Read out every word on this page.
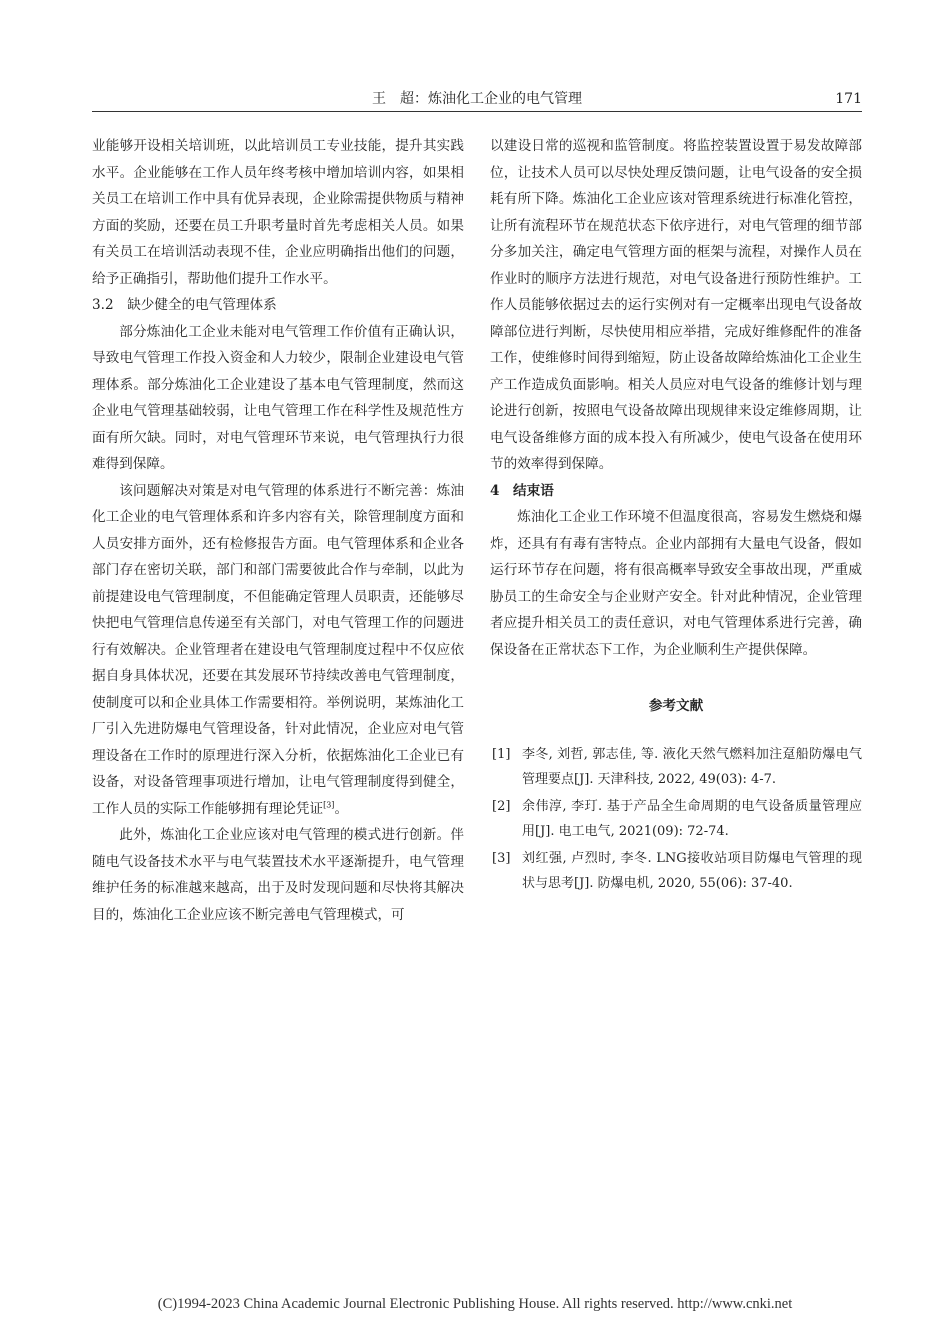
王　超：炼油化工企业的电气管理	171

业能够开设相关培训班，以此培训员工专业技能，提升其实践水平。企业能够在工作人员年终考核中增加培训内容，如果相关员工在培训工作中具有优异表现，企业除需提供物质与精神方面的奖励，还要在员工升职考量时首先考虑相关人员。如果有关员工在培训活动表现不佳，企业应明确指出他们的问题，给予正确指引，帮助他们提升工作水平。

3.2　缺少健全的电气管理体系

部分炼油化工企业未能对电气管理工作价值有正确认识，导致电气管理工作投入资金和人力较少，限制企业建设电气管理体系。部分炼油化工企业建设了基本电气管理制度，然而这企业电气管理基础较弱，让电气管理工作在科学性及规范性方面有所欠缺。同时，对电气管理环节来说，电气管理执行力很难得到保障。

该问题解决对策是对电气管理的体系进行不断完善：炼油化工企业的电气管理体系和许多内容有关，除管理制度方面和人员安排方面外，还有检修报告方面。电气管理体系和企业各部门存在密切关联，部门和部门需要彼此合作与牵制，以此为前提建设电气管理制度，不但能确定管理人员职责，还能够尽快把电气管理信息传递至有关部门，对电气管理工作的问题进行有效解决。企业管理者在建设电气管理制度过程中不仅应依据自身具体状况，还要在其发展环节持续改善电气管理制度，使制度可以和企业具体工作需要相符。举例说明，某炼油化工厂引入先进防爆电气管理设备，针对此情况，企业应对电气管理设备在工作时的原理进行深入分析，依据炼油化工企业已有设备，对设备管理事项进行增加，让电气管理制度得到健全，工作人员的实际工作能够拥有理论凭证[3]。

此外，炼油化工企业应该对电气管理的模式进行创新。伴随电气设备技术水平与电气装置技术水平逐渐提升，电气管理维护任务的标准越来越高，出于及时发现问题和尽快将其解决目的，炼油化工企业应该不断完善电气管理模式，可

以建设日常的巡视和监管制度。将监控装置设置于易发故障部位，让技术人员可以尽快处理反馈问题，让电气设备的安全损耗有所下降。炼油化工企业应该对管理系统进行标准化管控，让所有流程环节在规范状态下依序进行，对电气管理的细节部分多加关注，确定电气管理方面的框架与流程，对操作人员在作业时的顺序方法进行规范，对电气设备进行预防性维护。工作人员能够依据过去的运行实例对有一定概率出现电气设备故障部位进行判断，尽快使用相应举措，完成好维修配件的准备工作，使维修时间得到缩短，防止设备故障给炼油化工企业生产工作造成负面影响。相关人员应对电气设备的维修计划与理论进行创新，按照电气设备故障出现规律来设定维修周期，让电气设备维修方面的成本投入有所减少，使电气设备在使用环节的效率得到保障。

4　结束语

炼油化工企业工作环境不但温度很高，容易发生燃烧和爆炸，还具有有毒有害特点。企业内部拥有大量电气设备，假如运行环节存在问题，将有很高概率导致安全事故出现，严重威胁员工的生命安全与企业财产安全。针对此种情况，企业管理者应提升相关员工的责任意识，对电气管理体系进行完善，确保设备在正常状态下工作，为企业顺利生产提供保障。

参考文献
[1] 李冬, 刘哲, 郭志佳, 等. 液化天然气燃料加注趸船防爆电气管理要点[J]. 天津科技, 2022, 49(03): 4-7.
[2] 余伟淳, 李玎. 基于产品全生命周期的电气设备质量管理应用[J]. 电工电气, 2021(09): 72-74.
[3] 刘红强, 卢烈时, 李冬. LNG接收站项目防爆电气管理的现状与思考[J]. 防爆电机, 2020, 55(06): 37-40.
(C)1994-2023 China Academic Journal Electronic Publishing House. All rights reserved. http://www.cnki.net
